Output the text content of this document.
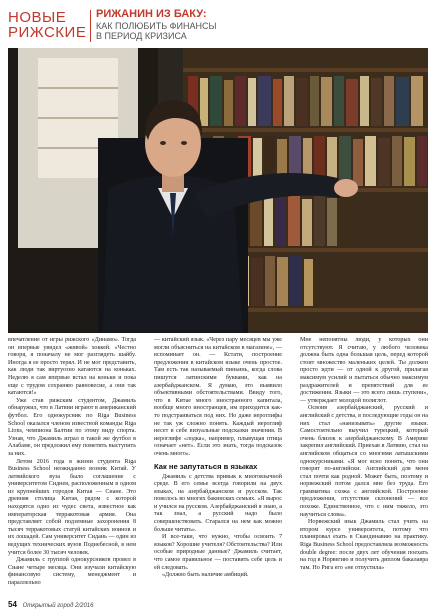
НОВЫЕ
РИЖСКИЕ
РИЖАНИН ИЗ БАКУ:
КАК ПОЛЮБИТЬ ФИНАНСЫ
В ПЕРИОД КРИЗИСА

впечатление от игры рижского «Динамо». Тогда он впервые увидел «живой» хоккей. «Честно говоря, я поначалу не мог разглядеть шайбу. Иногда я ее просто терял. И не мог представить, как люди так виртуозно катаются на коньках. Неделю я сам впервые встал на коньки и пока еще с трудом сохраняю равновесие, а они так катаются!»

Уже став рижским студентом, Джамиль обнаружил, что в Латвии играют в американский футбол. Его однокурсник по Riga Business School оказался членом известной команды Riga Lions, чемпиона Балтии по этому виду спорта. Узнав, что Джамиль играл в такой же футбол в Алабаме, он предложил ему пометить выступить за них.

Летом 2016 года в жизни студента Riga Business School неожиданно возник Китай. У латвийского вуза было соглашение с университетом Сиднея, расположенным в одном из крупнейших городов Китая — Сиане. Это древняя столица Китая, рядом с которой находятся одно из чудес света, известное как императорская терракотовая армия. Она представляет собой подземные захоронения 8 тысяч терракотовых статуй китайских воинов и их лошадей. Сам университет Сидань — один из ведущих технических вузов Поднебесной, в нем учится более 30 тысяч человек.

Джамиль с группой однокурсников провел в Сиане четыре месяца. Они изучали китайскую финансовую систему, менеджмент и параллельно

— китайский язык. «Через пару месяцев мы уже могли объясниться на китайском в магазине», — вспоминает он. — Кстати, построение предложения в китайском языке очень простое. Там есть так называемый пиньинь, когда слова пишутся латинскими буквами, как на азербайджанском. Я думаю, это выявило объективными обстоятельствами. Ввиду того, что в Китае много иностранного капитала, вообще много иностранцев, им приходится как-то подстраиваться под них. Но даже иероглифы не так уж сложно понять. Каждый иероглиф несет в себе визуальные подсказки значения. В иероглифе «лодка», например, плывущая птица означает «нет». Если это знать, тогда подсказок очень много».

Как не запутаться в языках

Джамиль с детства привык к многоязычной среде. В его семье всегда говорили на двух языках, на азербайджанском и русском. Так повелось во многих бакинских семьях. «Я вырос и учился на русском. Азербайджанский я знаю, а так знал, а русский надо было совершенствовать. Старался на нем как можно больше читать».

И все-таки, что нужно, чтобы освоить 7 языков? Хорошие учителя? Обстоятельства? Или особые природные данные? Джамиль считает, что самое правильное — поставить себе цель и ей следовать.

«Должно быть наличие амбиций.

Мне непонятны люди, у которых они отсутствуют. Я считаю, у любого человека должна быть одна большая цель, перед которой стоит множество маленьких целей. Ты должен просто идти — от одной к другой, прилагая максимум усилий и пытаться обычно максимум раздражителей и препятствий для ее достижения. Языки — это всего лишь ступени», — утверждает молодой полиглот.

Освоив азербайджанский, русский и английский с детства, в последующие годы он на них стал «нанизывать» другие языки. Самостоятельно выучил турецкий, который очень близок к азербайджанскому. В Америке закрепил английский. Приехав в Латвию, стал на английском общаться со многими латышскими однокурсниками. «Я мог ясно понять, что они говорят по-английски. Английский для меня стал почти как родной. Может быть, поэтому и норвежский потом дался мне без труда. Его грамматика схожа с английской. Построение предложения, отсутствие склонений — все похоже. Единственное, что с ним тяжело, это научиться слова».

Норвежский язык Джамиль стал учить на втором курсе университета, потому что планировал ехать в Скандинавию на практику. Riga Business School предоставляла возможность double degree: после двух лет обучения поехать на год в Норвегию и получить диплом бакалавра там. Но Рига его «не отпустила»

54 Открытый город 2/2016
